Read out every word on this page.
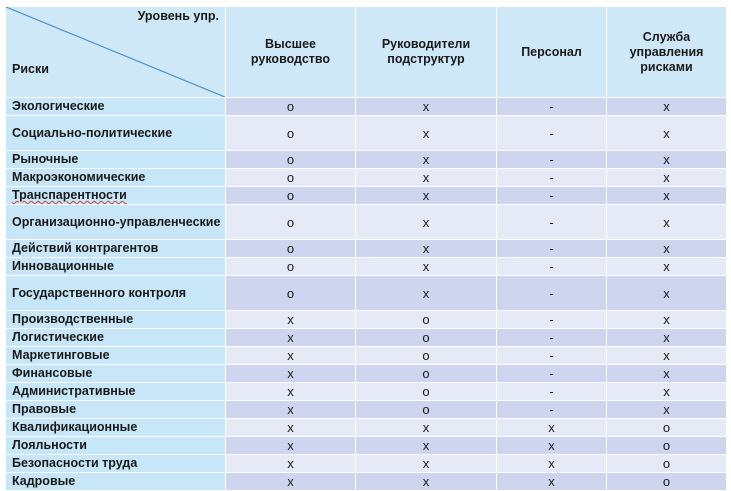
Уровень упр.
Риски	Высшее руководство	Руководители подструктур	Персонал	Служба управления рисками
Экологические	о	х	-	х
Социально-политические	о	х	-	х
Рыночные	о	х	-	х
Макроэкономические	о	х	-	х
Транспарентности	о	х	-	х
Организационно-управленческие	о	х	-	х
Действий контрагентов	о	х	-	х
Инновационные	о	х	-	х
Государственного контроля	о	х	-	х
Производственные	х	о	-	х
Логистические	х	о	-	х
Маркетинговые	х	о	-	х
Финансовые	х	о	-	х
Административные	х	о	-	х
Правовые	х	о	-	х
Квалификационные	х	х	х	о
Лояльности	х	х	х	о
Безопасности труда	х	х	х	о
Кадровые	х	х	х	о
